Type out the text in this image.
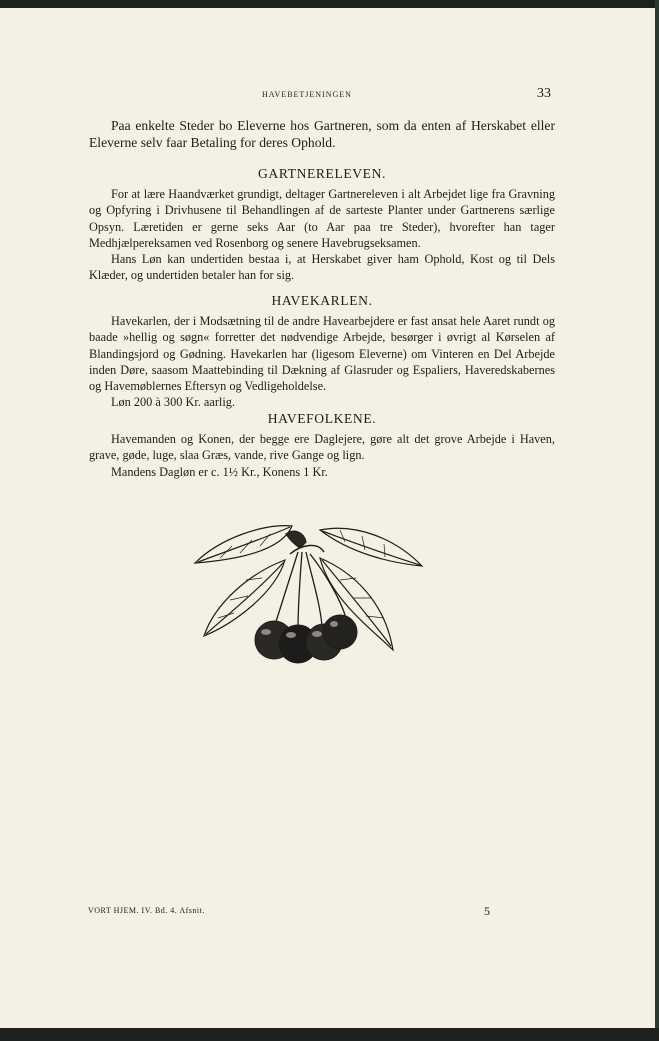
HAVEBETJENINGEN	33

Paa enkelte Steder bo Eleverne hos Gartneren, som da enten af Herskabet eller Eleverne selv faar Betaling for deres Ophold.

GARTNERELEVEN.

For at lære Haandværket grundigt, deltager Gartnereleven i alt Arbejdet lige fra Gravning og Opfyring i Drivhusene til Behandlingen af de sarteste Planter under Gartnerens særlige Opsyn. Læretiden er gerne seks Aar (to Aar paa tre Steder), hvorefter han tager Medhjælpereksamen ved Rosenborg og senere Havebrugseksamen.

Hans Løn kan undertiden bestaa i, at Herskabet giver ham Ophold, Kost og til Dels Klæder, og undertiden betaler han for sig.

HAVEKARLEN.

Havekarlen, der i Modsætning til de andre Havearbejdere er fast ansat hele Aaret rundt og baade »hellig og søgn« forretter det nødvendige Arbejde, besørger i øvrigt al Kørselen af Blandingsjord og Gødning. Havekarlen har (ligesom Eleverne) om Vinteren en Del Arbejde inden Døre, saasom Maattebinding til Dækning af Glasruder og Espaliers, Haveredskabernes og Havemøblernes Eftersyn og Vedligeholdelse.

Løn 200 à 300 Kr. aarlig.

HAVEFOLKENE.

Havemanden og Konen, der begge ere Daglejere, gøre alt det grove Arbejde i Haven, grave, gøde, luge, slaa Græs, vande, rive Gange og lign.

Mandens Dagløn er c. 1½ Kr., Konens 1 Kr.

VORT HJEM. IV. Bd. 4. Afsnit.	5
